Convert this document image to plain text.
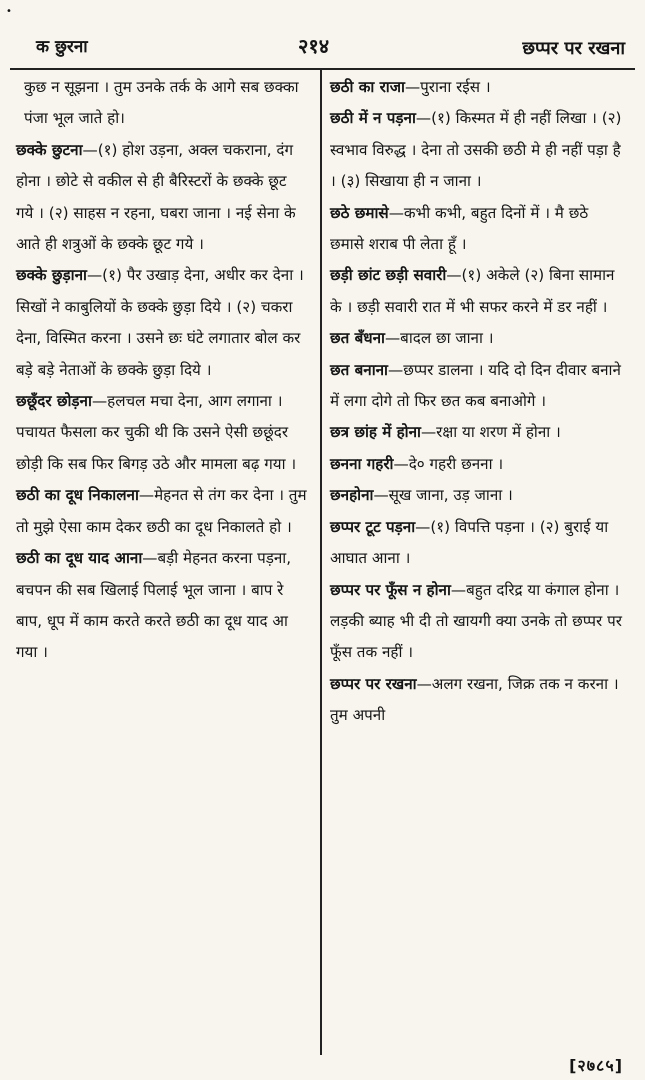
•
क छुरना	२१४	छप्पर पर रखना

कुछ न सूझना । तुम उनके तर्क के आगे सब छक्का पंजा भूल जाते हो।

छक्के छुटना—(१) होश उड़ना, अक्ल चकराना, दंग होना । छोटे से वकील से ही बैरिस्टरों के छक्के छूट गये । (२) साहस न रहना, घबरा जाना । नई सेना के आते ही शत्रुओं के छक्के छूट गये ।

छक्के छुड़ाना—(१) पैर उखाड़ देना, अधीर कर देना । सिखों ने काबुलियों के छक्के छुड़ा दिये । (२) चकरा देना, विस्मित करना । उसने छः घंटे लगातार बोल कर बड़े बड़े नेताओं के छक्के छुड़ा दिये ।

छछूँदर छोड़ना—हलचल मचा देना, आग लगाना । पचायत फैसला कर चुकी थी कि उसने ऐसी छछूंदर छोड़ी कि सब फिर बिगड़ उठे और मामला बढ़ गया ।

छठी का दूध निकालना—मेहनत से तंग कर देना । तुम तो मुझे ऐसा काम देकर छठी का दूध निकालते हो ।

छठी का दूध याद आना—बड़ी मेहनत करना पड़ना, बचपन की सब खिलाई पिलाई भूल जाना । बाप रे बाप, धूप में काम करते करते छठी का दूध याद आ गया ।

छठी का राजा—पुराना रईस ।

छठी में न पड़ना—(१) किस्मत में ही नहीं लिखा । (२) स्वभाव विरुद्ध । देना तो उसकी छठी मे ही नहीं पड़ा है । (३) सिखाया ही न जाना ।

छठे छमासे—कभी कभी, बहुत दिनों में । मै छठे छमासे शराब पी लेता हूँ ।

छड़ी छांट छड़ी सवारी—(१) अकेले (२) बिना सामान के । छड़ी सवारी रात में भी सफर करने में डर नहीं ।

छत बँधना—बादल छा जाना ।

छत बनाना—छप्पर डालना । यदि दो दिन दीवार बनाने में लगा दोगे तो फिर छत कब बनाओगे ।

छत्र छांह में होना—रक्षा या शरण में होना ।

छनना गहरी—दे० गहरी छनना ।

छनहोना—सूख जाना, उड़ जाना ।

छप्पर टूट पड़ना—(१) विपत्ति पड़ना । (२) बुराई या आघात आना ।

छप्पर पर फूँस न होना—बहुत दरिद्र या कंगाल होना । लड़की ब्याह भी दी तो खायगी क्या उनके तो छप्पर पर फूँस तक नहीं ।

छप्पर पर रखना—अलग रखना, जिक्र तक न करना । तुम अपनी

[ २७८५ ]
